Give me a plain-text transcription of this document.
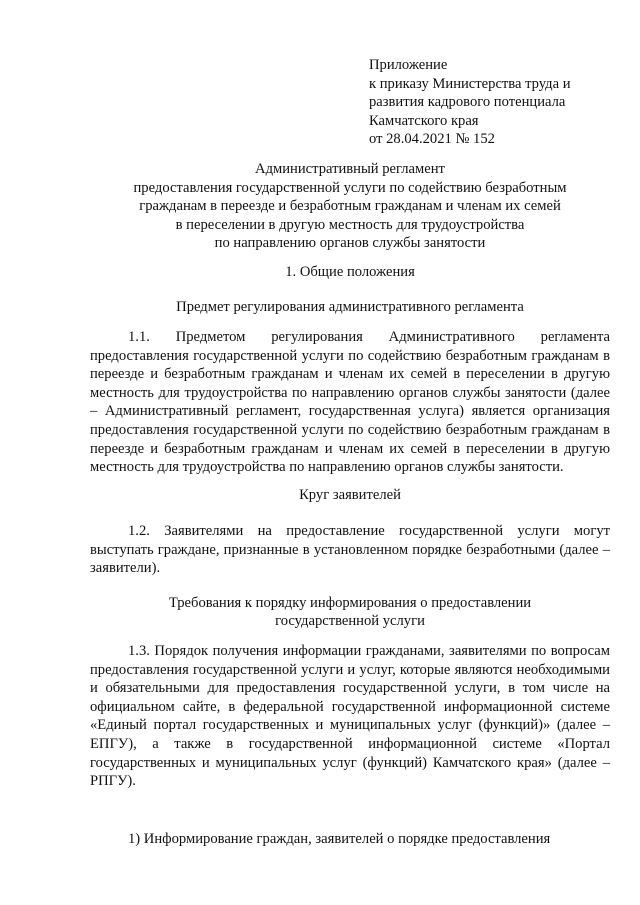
Приложение
к приказу Министерства труда и
развития кадрового потенциала
Камчатского края
от 28.04.2021 № 152
Административный регламент
предоставления государственной услуги по содействию безработным
гражданам в переезде и безработным гражданам и членам их семей
в переселении в другую местность для трудоустройства
по направлению органов службы занятости
1. Общие положения
Предмет регулирования административного регламента

1.1. Предметом регулирования Административного регламента предоставления государственной услуги по содействию безработным гражданам в переезде и безработным гражданам и членам их семей в переселении в другую местность для трудоустройства по направлению органов службы занятости (далее – Административный регламент, государственная услуга) является организация предоставления государственной услуги по содействию безработным гражданам в переезде и безработным гражданам и членам их семей в переселении в другую местность для трудоустройства по направлению органов службы занятости.

Круг заявителей

1.2. Заявителями на предоставление государственной услуги могут выступать граждане, признанные в установленном порядке безработными (далее – заявители).

Требования к порядку информирования о предоставлении
государственной услуги

1.3. Порядок получения информации гражданами, заявителями по вопросам предоставления государственной услуги и услуг, которые являются необходимыми и обязательными для предоставления государственной услуги, в том числе на официальном сайте, в федеральной государственной информационной системе «Единый портал государственных и муниципальных услуг (функций)» (далее – ЕПГУ), а также в государственной информационной системе «Портал государственных и муниципальных услуг (функций) Камчатского края» (далее – РПГУ).

1) Информирование граждан, заявителей о порядке предоставления
